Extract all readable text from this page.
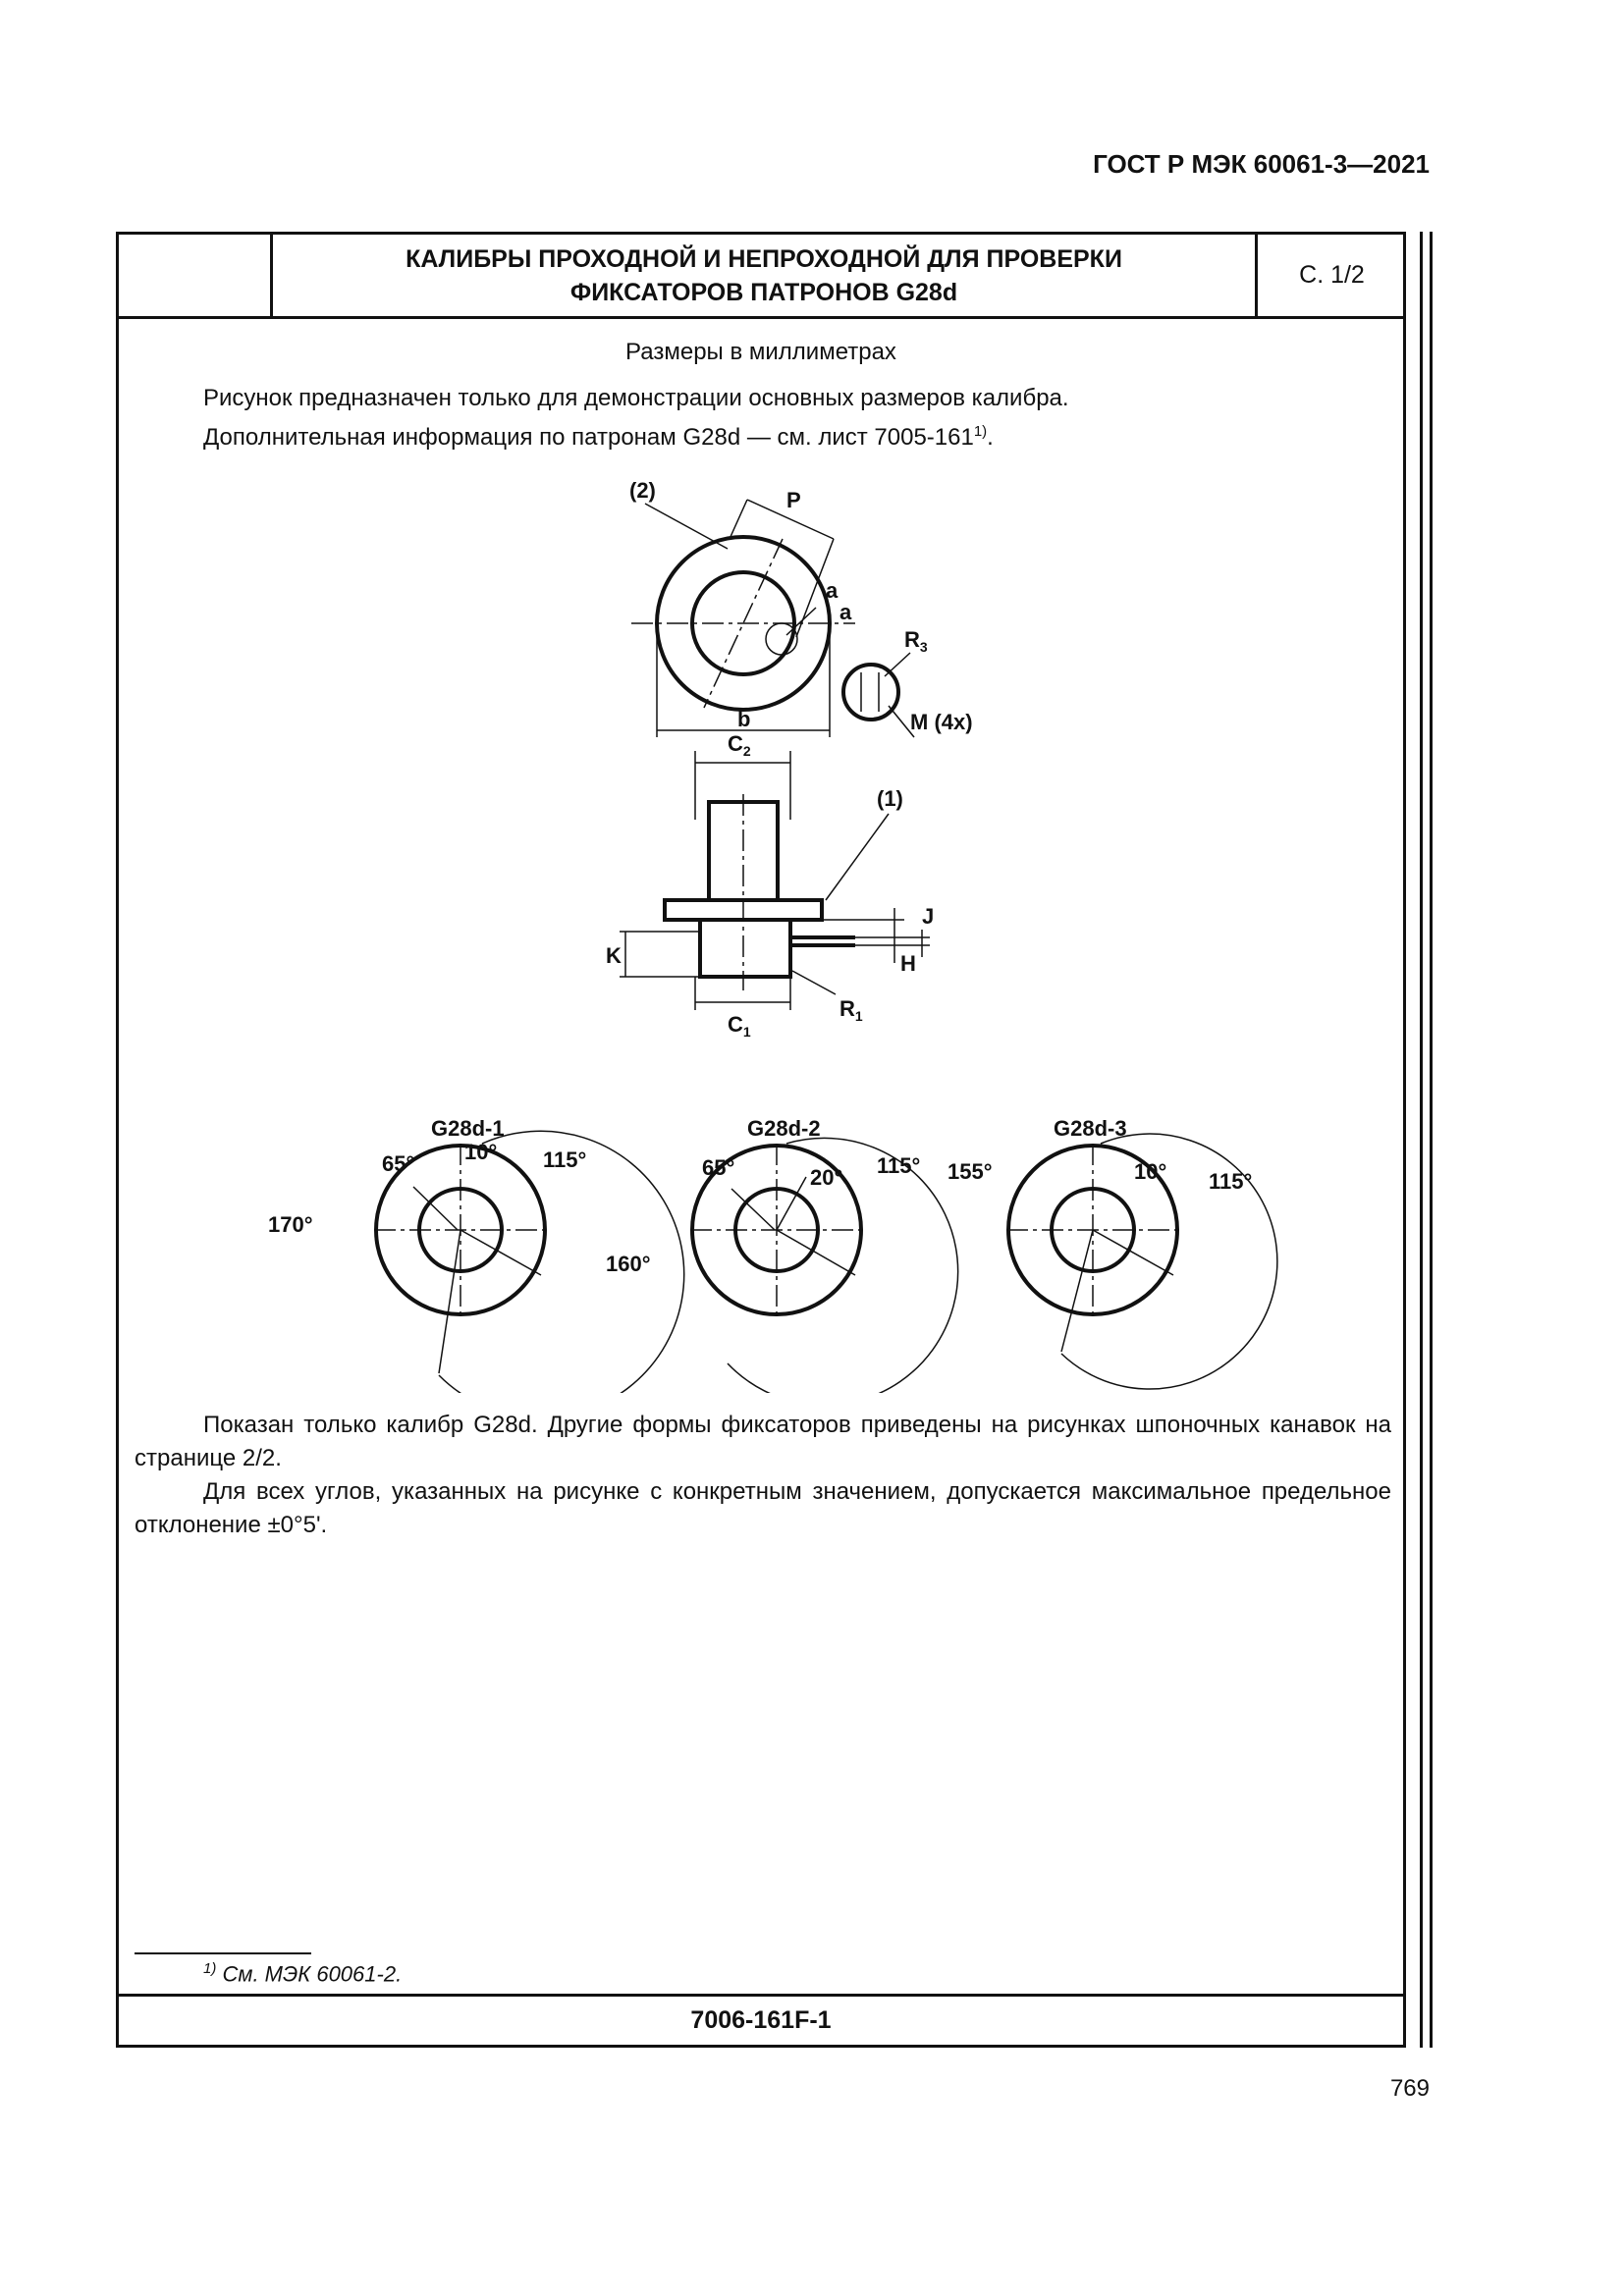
ГОСТ Р МЭК 60061-3—2021
КАЛИБРЫ ПРОХОДНОЙ И НЕПРОХОДНОЙ ДЛЯ ПРОВЕРКИ
ФИКСАТОРОВ ПАТРОНОВ G28d
С. 1/2
Размеры в миллиметрах
Рисунок предназначен только для демонстрации основных размеров калибра.
Дополнительная информация по патронам G28d — см. лист 7005-161$^{1)}$.
(2)	P
a
b
a
$R_3$
M (4x)
$C_2$
(1)
J
K	H
$R_1$
$C_1$
G28d-1
65° 10° 115°
170°
G28d-2
65°	20° 115°
160°
G28d-3
155°	10° 115°
Показан только калибр G28d. Другие формы фиксаторов приведены на рисунках шпоночных канавок на странице 2/2.
Для всех углов, указанных на рисунке с конкретным значением, допускается максимальное предельное отклонение ±0°5'.
$^{1)}$ См. МЭК 60061-2.
7006-161F-1
769
